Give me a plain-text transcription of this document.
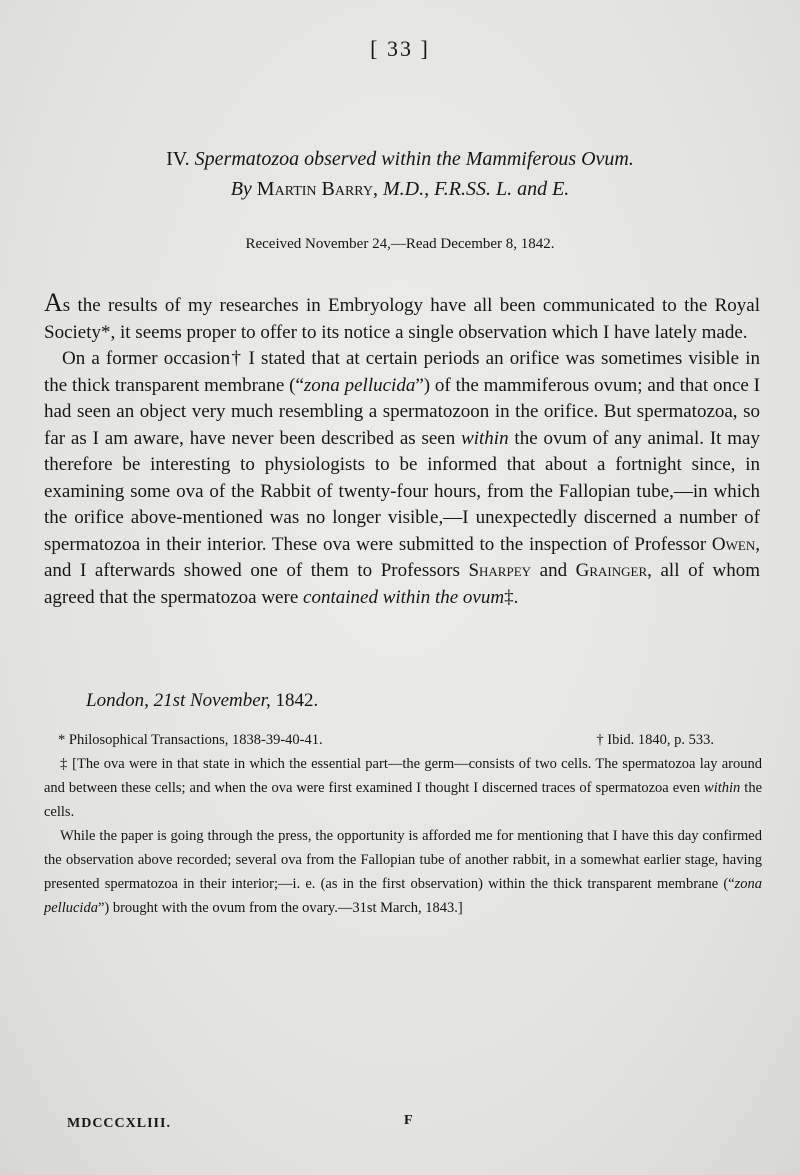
[ 33 ]
IV. Spermatozoa observed within the Mammiferous Ovum.
By Martin Barry, M.D., F.R.SS. L. and E.
Received November 24,—Read December 8, 1842.

As the results of my researches in Embryology have all been communicated to the Royal Society*, it seems proper to offer to its notice a single observation which I have lately made.

On a former occasion† I stated that at certain periods an orifice was sometimes visible in the thick transparent membrane (“zona pellucida”) of the mammiferous ovum; and that once I had seen an object very much resembling a spermatozoon in the orifice. But spermatozoa, so far as I am aware, have never been described as seen within the ovum of any animal. It may therefore be interesting to physiologists to be informed that about a fortnight since, in examining some ova of the Rabbit of twenty-four hours, from the Fallopian tube,—in which the orifice above-mentioned was no longer visible,—I unexpectedly discerned a number of spermatozoa in their interior. These ova were submitted to the inspection of Professor Owen, and I afterwards showed one of them to Professors Sharpey and Grainger, all of whom agreed that the spermatozoa were contained within the ovum‡.

London, 21st November, 1842.
* Philosophical Transactions, 1838-39-40-41.	† Ibid. 1840, p. 533.

‡ [The ova were in that state in which the essential part—the germ—consists of two cells. The spermatozoa lay around and between these cells; and when the ova were first examined I thought I discerned traces of spermatozoa even within the cells.

While the paper is going through the press, the opportunity is afforded me for mentioning that I have this day confirmed the observation above recorded; several ova from the Fallopian tube of another rabbit, in a somewhat earlier stage, having presented spermatozoa in their interior;—i. e. (as in the first observation) within the thick transparent membrane (“zona pellucida”) brought with the ovum from the ovary.—31st March, 1843.]

MDCCCXLIII.	F
